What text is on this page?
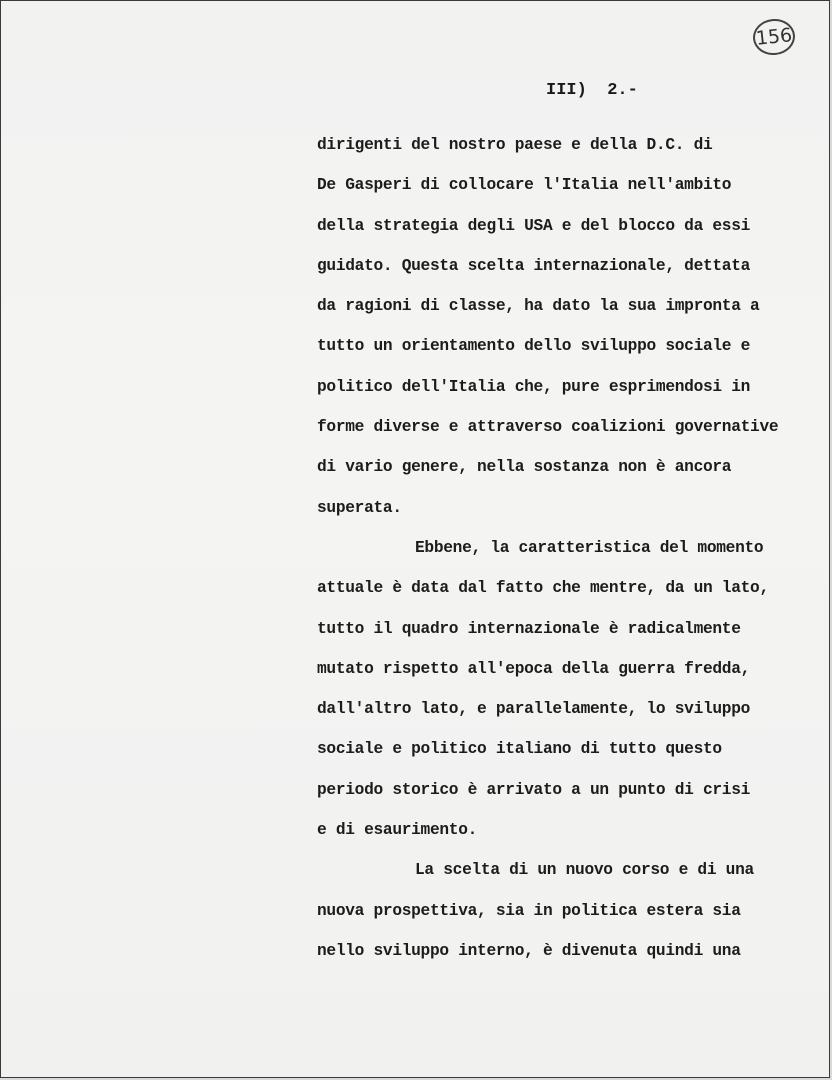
156
III)  2.-
dirigenti del nostro paese e della D.C. di
De Gasperi di collocare l'Italia nell'ambito
della strategia degli USA e del blocco da essi
guidato. Questa scelta internazionale, dettata
da ragioni di classe, ha dato la sua impronta a
tutto un orientamento dello sviluppo sociale e
politico dell'Italia che, pure esprimendosi in
forme diverse e attraverso coalizioni governative
di vario genere, nella sostanza non è ancora
superata.
Ebbene, la caratteristica del momento
attuale è data dal fatto che mentre, da un lato,
tutto il quadro internazionale è radicalmente
mutato rispetto all'epoca della guerra fredda,
dall'altro lato, e parallelamente, lo sviluppo
sociale e politico italiano di tutto questo
periodo storico è arrivato a un punto di crisi
e di esaurimento.
La scelta di un nuovo corso e di una
nuova prospettiva, sia in politica estera sia
nello sviluppo interno, è divenuta quindi una
